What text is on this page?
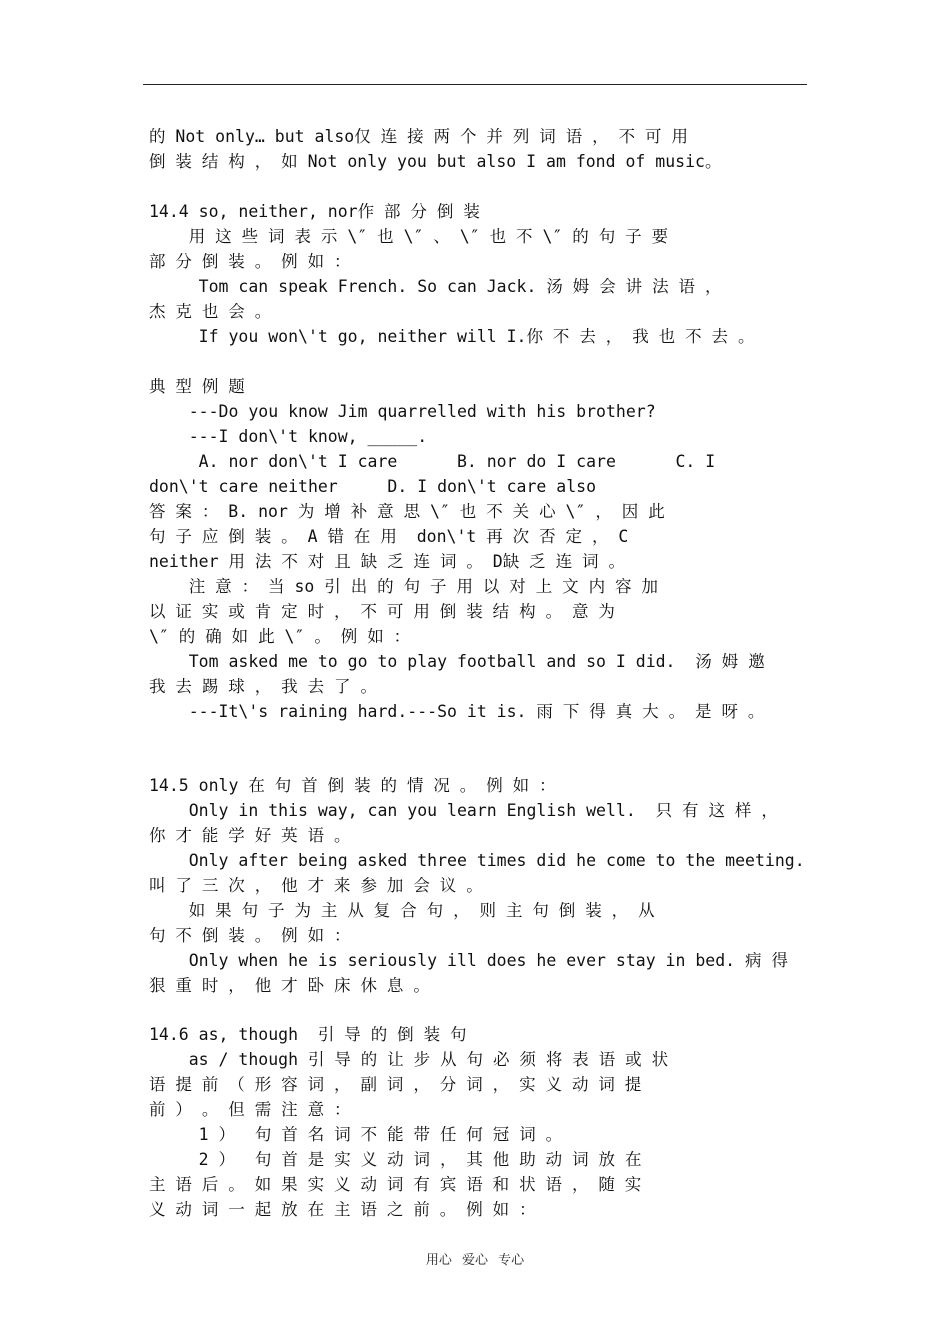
的 Not only… but also仅 连 接 两 个 并 列 词 语 ， 不 可 用
倒 装 结 构 ， 如 Not only you but also I am fond of music。
14.4 so, neither, nor作 部 分 倒 装
用 这 些 词 表 示 \″ 也 \″ 、 \″ 也 不 \″ 的 句 子 要
部 分 倒 装 。 例 如 ：
Tom can speak French. So can Jack. 汤 姆 会 讲 法 语 ，
杰 克 也 会 。
If you won\'t go, neither will I.你 不 去 ， 我 也 不 去 。
典 型 例 题
---Do you know Jim quarrelled with his brother?
---I don\'t know, _____.
A. nor don\'t I care      B. nor do I care      C. I
don\'t care neither     D. I don\'t care also
答 案 ： B. nor 为 增 补 意 思 \″ 也 不 关 心 \″ ， 因 此
句 子 应 倒 装 。 A 错 在 用  don\'t 再 次 否 定 ， C
neither 用 法 不 对 且 缺 乏 连 词 。 D缺 乏 连 词 。
注 意 ： 当 so 引 出 的 句 子 用 以 对 上 文 内 容 加
以 证 实 或 肯 定 时 ， 不 可 用 倒 装 结 构 。 意 为
\″ 的 确 如 此 \″ 。 例 如 ：
Tom asked me to go to play football and so I did.  汤 姆 邀
我 去 踢 球 ， 我 去 了 。
---It\'s raining hard.---So it is. 雨 下 得 真 大 。 是 呀 。
14.5 only 在 句 首 倒 装 的 情 况 。 例 如 ：
Only in this way, can you learn English well.  只 有 这 样 ，
你 才 能 学 好 英 语 。
Only after being asked three times did he come to the meeting.
叫 了 三 次 ， 他 才 来 参 加 会 议 。
如 果 句 子 为 主 从 复 合 句 ， 则 主 句 倒 装 ， 从
句 不 倒 装 。 例 如 ：
Only when he is seriously ill does he ever stay in bed. 病 得
狠 重 时 ， 他 才 卧 床 休 息 。
14.6 as, though  引 导 的 倒 装 句
as / though 引 导 的 让 步 从 句 必 须 将 表 语 或 状
语 提 前 （ 形 容 词 ， 副 词 ， 分 词 ， 实 义 动 词 提
前 ） 。 但 需 注 意 ：
1 ）  句 首 名 词 不 能 带 任 何 冠 词 。
2 ）  句 首 是 实 义 动 词 ， 其 他 助 动 词 放 在
主 语 后 。 如 果 实 义 动 词 有 宾 语 和 状 语 ， 随 实
义 动 词 一 起 放 在 主 语 之 前 。 例 如 ：
用心 爱心 专心
